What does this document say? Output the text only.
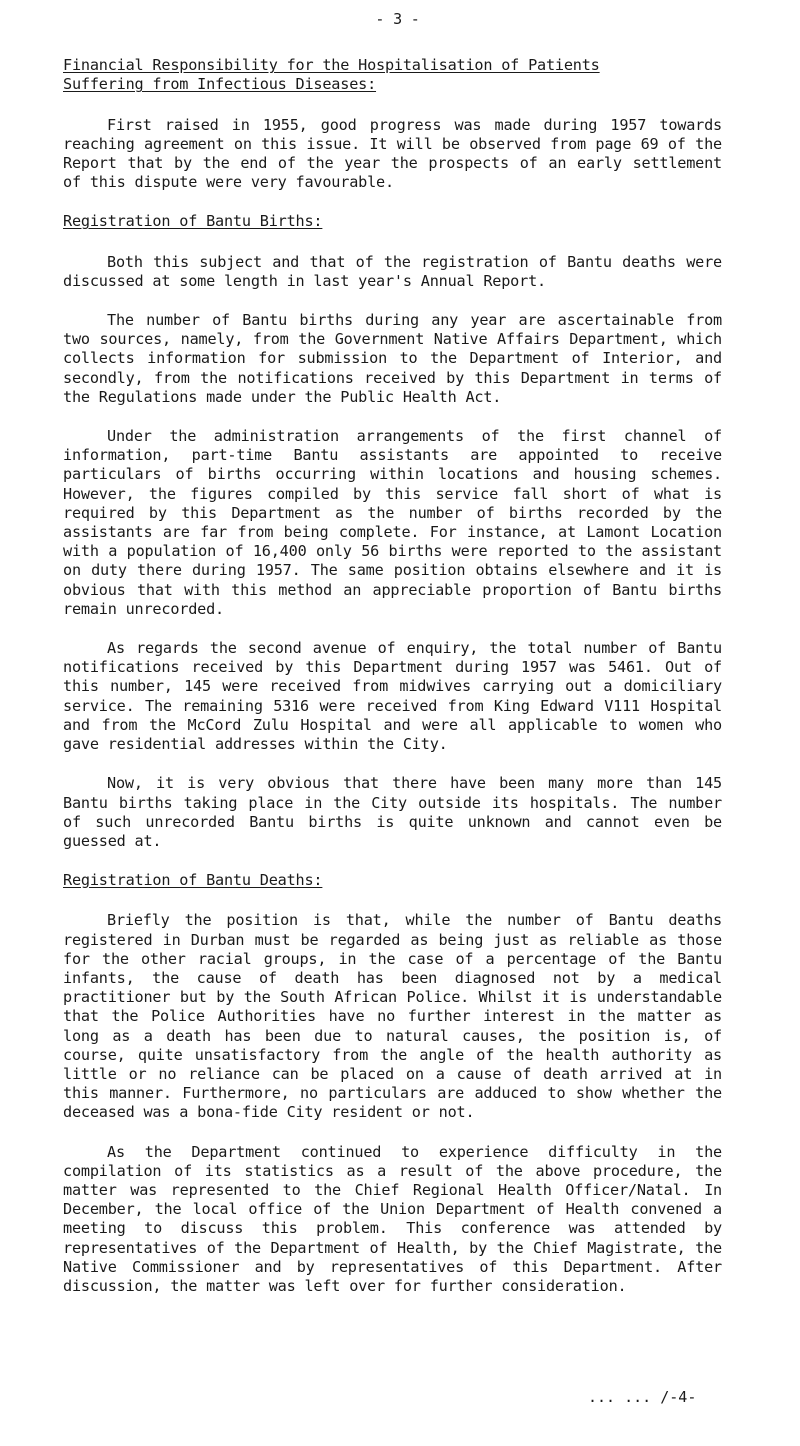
- 3 -
Financial Responsibility for the Hospitalisation of Patients
Suffering from Infectious Diseases:

First raised in 1955, good progress was made during 1957 towards reaching agreement on this issue. It will be observed from page 69 of the Report that by the end of the year the prospects of an early settlement of this dispute were very favourable.

Registration of Bantu Births:

Both this subject and that of the registration of Bantu deaths were discussed at some length in last year's Annual Report.

The number of Bantu births during any year are ascertainable from two sources, namely, from the Government Native Affairs Department, which collects information for submission to the Department of Interior, and secondly, from the notifications received by this Department in terms of the Regulations made under the Public Health Act.

Under the administration arrangements of the first channel of information, part-time Bantu assistants are appointed to receive particulars of births occurring within locations and housing schemes. However, the figures compiled by this service fall short of what is required by this Department as the number of births recorded by the assistants are far from being complete. For instance, at Lamont Location with a population of 16,400 only 56 births were reported to the assistant on duty there during 1957. The same position obtains elsewhere and it is obvious that with this method an appreciable proportion of Bantu births remain unrecorded.

As regards the second avenue of enquiry, the total number of Bantu notifications received by this Department during 1957 was 5461. Out of this number, 145 were received from midwives carrying out a domiciliary service. The remaining 5316 were received from King Edward V111 Hospital and from the McCord Zulu Hospital and were all applicable to women who gave residential addresses within the City.

Now, it is very obvious that there have been many more than 145 Bantu births taking place in the City outside its hospitals. The number of such unrecorded Bantu births is quite unknown and cannot even be guessed at.

Registration of Bantu Deaths:

Briefly the position is that, while the number of Bantu deaths registered in Durban must be regarded as being just as reliable as those for the other racial groups, in the case of a percentage of the Bantu infants, the cause of death has been diagnosed not by a medical practitioner but by the South African Police. Whilst it is understandable that the Police Authorities have no further interest in the matter as long as a death has been due to natural causes, the position is, of course, quite unsatisfactory from the angle of the health authority as little or no reliance can be placed on a cause of death arrived at in this manner. Furthermore, no particulars are adduced to show whether the deceased was a bona-fide City resident or not.

As the Department continued to experience difficulty in the compilation of its statistics as a result of the above procedure, the matter was represented to the Chief Regional Health Officer/Natal. In December, the local office of the Union Department of Health convened a meeting to discuss this problem. This conference was attended by representatives of the Department of Health, by the Chief Magistrate, the Native Commissioner and by representatives of this Department. After discussion, the matter was left over for further consideration.

... ... /-4-
